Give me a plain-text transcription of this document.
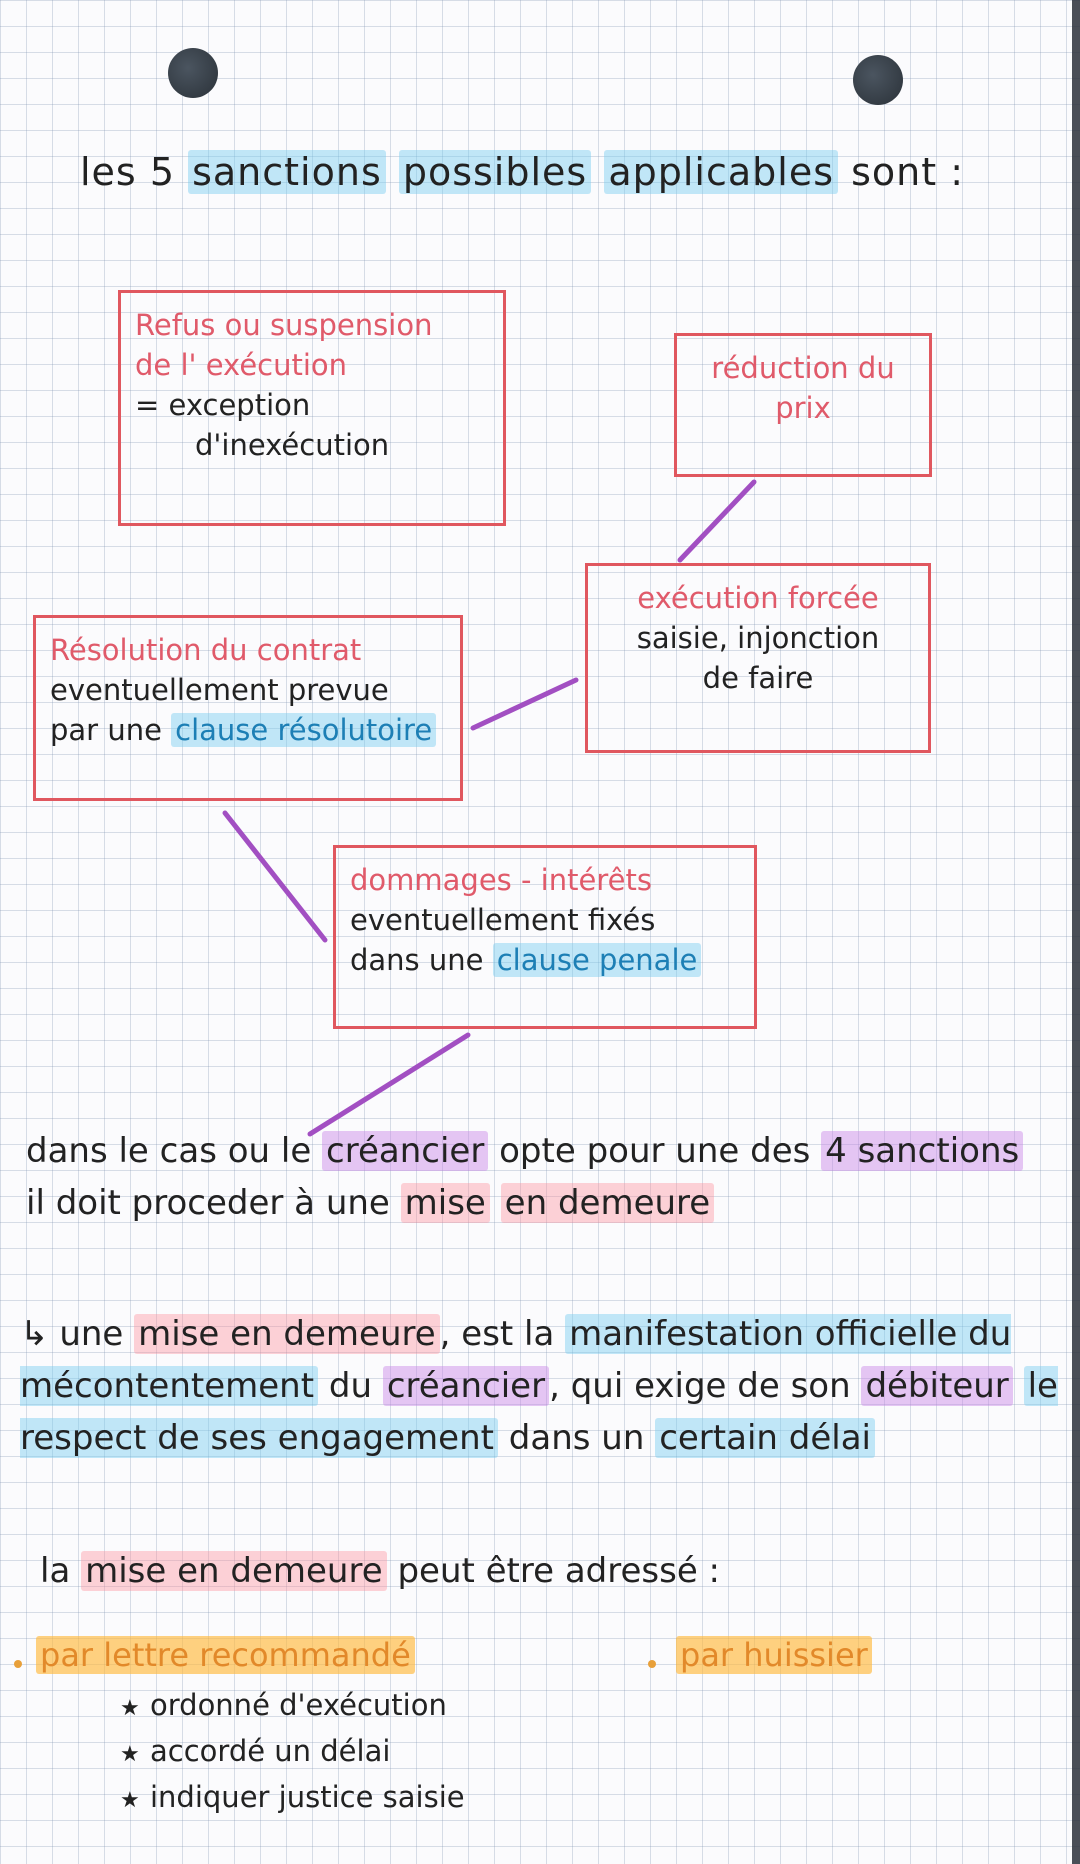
les 5 sanctions possibles applicables sont :
Refus ou suspension
de l' exécution
= exception
d'inexécution
réduction du
prix
exécution forcée
saisie, injonction
de faire
Résolution du contrat
eventuellement prevue
par une clause résolutoire
dommages - intérêts
eventuellement fixés
dans une clause penale
dans le cas ou le créancier opte pour une des 4 sanctions il doit proceder à une mise en demeure
↳ une mise en demeure , est la manifestation officielle du mécontentement du créancier , qui exige de son débiteur le respect de ses engagement dans un certain délai
la mise en demeure peut être adressé :
par lettre recommandé	par huissier
★ ordonné d'exécution
★ accordé un délai
★ indiquer justice saisie
